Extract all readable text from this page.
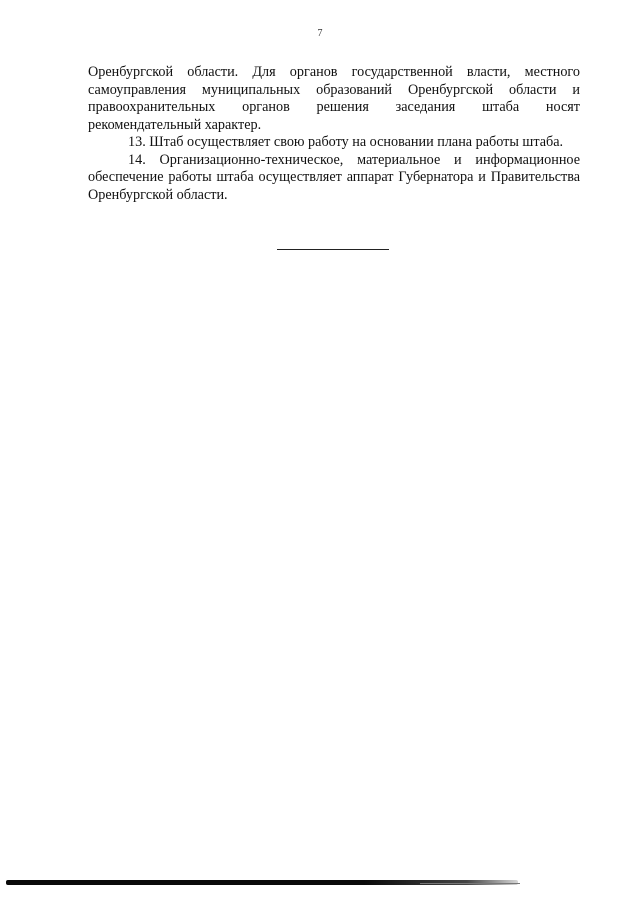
7

Оренбургской области. Для органов государственной власти, местного самоуправления муниципальных образований Оренбургской области и правоохранительных органов решения заседания штаба носят рекомендательный характер.

13. Штаб осуществляет свою работу на основании плана работы штаба.

14. Организационно-техническое, материальное и информационное обеспечение работы штаба осуществляет аппарат Губернатора и Правительства Оренбургской области.
